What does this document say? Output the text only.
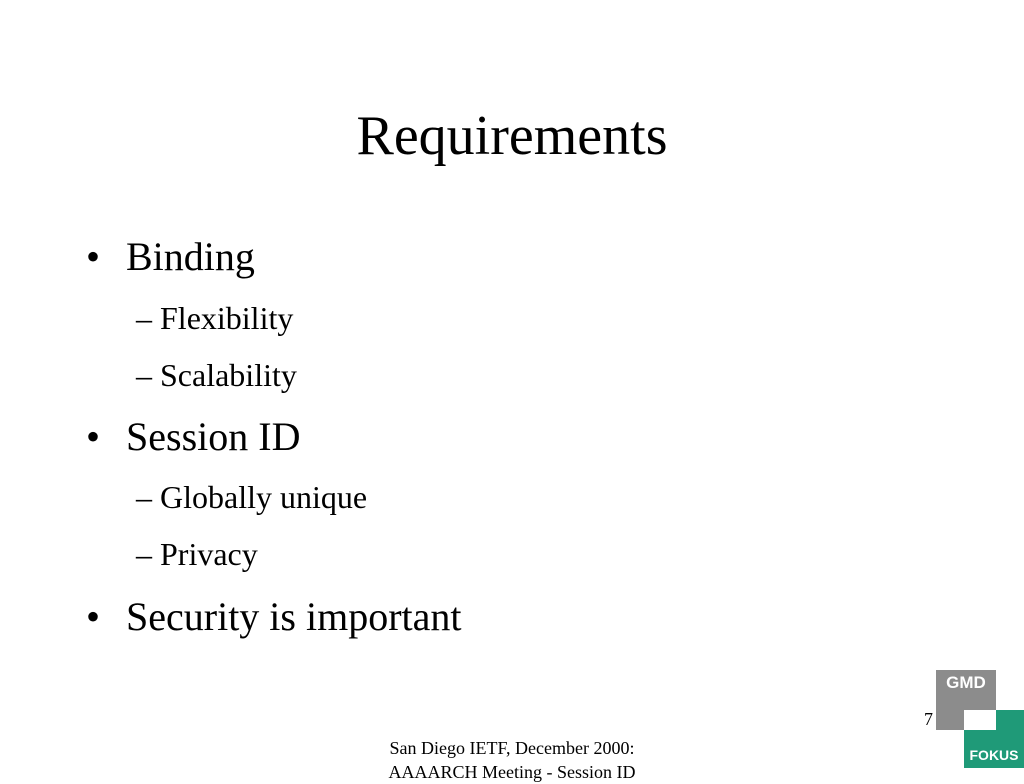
Requirements
• Binding
– Flexibility
– Scalability
• Session ID
– Globally unique
– Privacy
• Security is important
7
San Diego IETF, December 2000:
AAAARCH Meeting - Session ID
GMD
FOKUS
